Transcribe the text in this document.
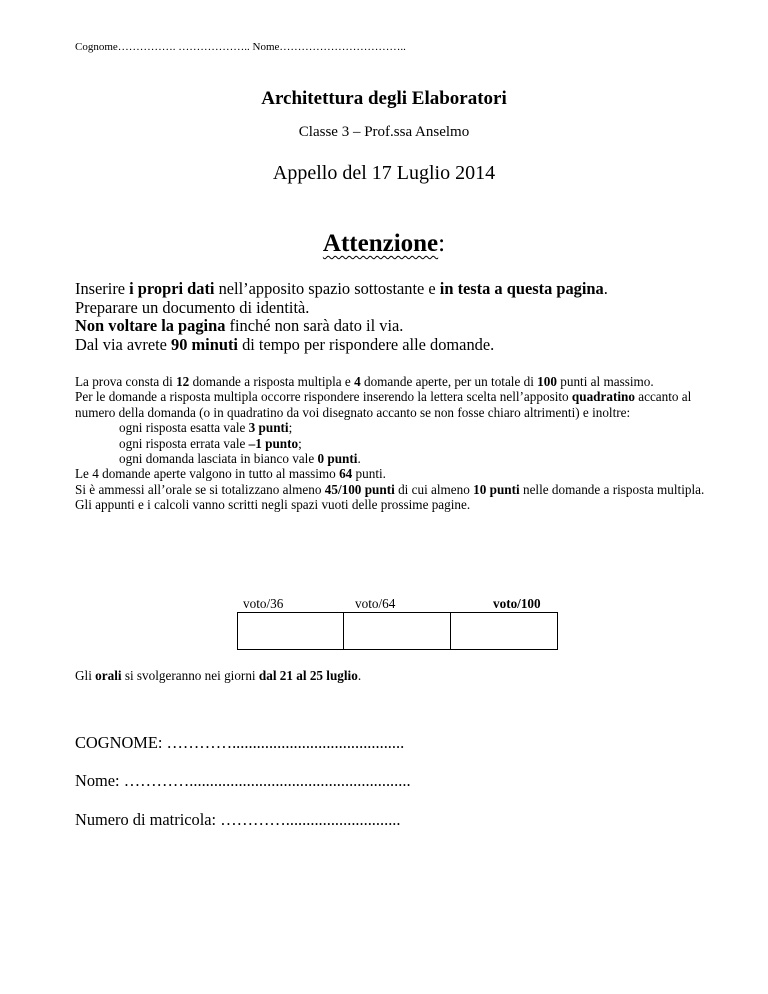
Cognome……………. ……………….. Nome……………………………..
Architettura degli Elaboratori
Classe 3 – Prof.ssa Anselmo
Appello del 17 Luglio 2014
Attenzione:

Inserire i propri dati nell’apposito spazio sottostante e in testa a questa pagina.

Preparare un documento di identità.

Non voltare la pagina finché non sarà dato il via.

Dal via avrete 90 minuti di tempo per rispondere alle domande.

La prova consta di 12 domande a risposta multipla e 4 domande aperte, per un totale di 100 punti al massimo.

Per le domande a risposta multipla occorre rispondere inserendo la lettera scelta nell’apposito quadratino accanto al numero della domanda (o in quadratino da voi disegnato accanto se non fosse chiaro altrimenti) e inoltre:

ogni risposta esatta vale 3 punti;

ogni risposta errata vale –1 punto;

ogni domanda lasciata in bianco vale 0 punti.

Le 4 domande aperte valgono in tutto al massimo 64 punti.

Si è ammessi all’orale se si totalizzano almeno 45/100 punti di cui almeno 10 punti nelle domande a risposta multipla.

Gli appunti e i calcoli vanno scritti negli spazi vuoti delle prossime pagine.

voto/36	voto/64	voto/100
Gli orali si svolgeranno nei giorni dal 21 al 25 luglio.
COGNOME: …………..........................................
Nome: …………......................................................
Numero di matricola: …………............................
